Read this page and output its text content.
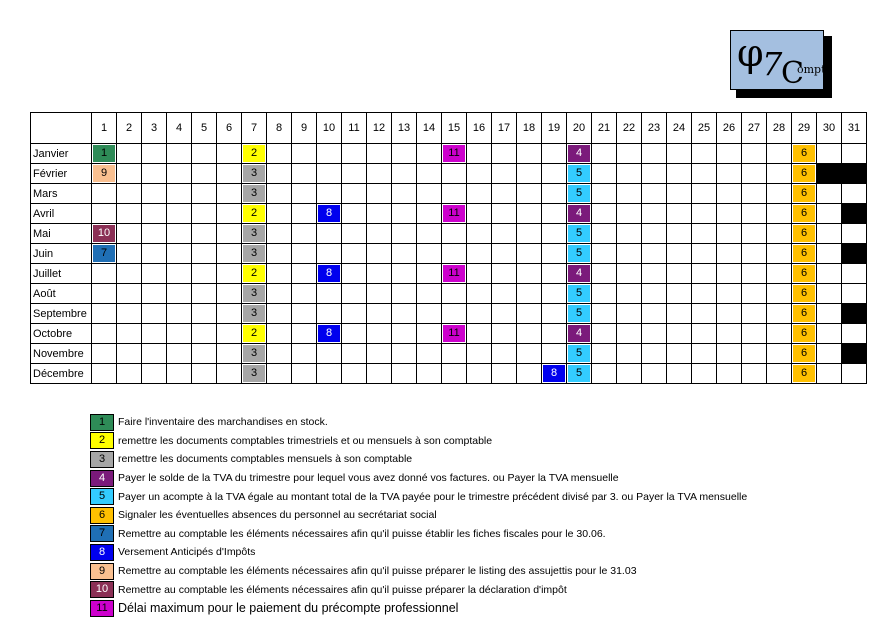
φ
7
C
ompta
	1	2	3	4	5	6	7	8	9	10	11	12	13	14	15	16	17	18	19	20	21	22	23	24	25	26	27	28	29	30	31
Janvier	1						2								11					4									6		

Février	9						3													5									6		

Mars							3													5									6		

Avril							2			8					11					4									6		

Mai	10						3													5									6		

Juin	7						3													5									6		

Juillet							2			8					11					4									6		

Août							3													5									6		

Septembre							3													5									6		

Octobre							2			8					11					4									6		

Novembre							3													5									6		

Décembre							3												8	5									6		

1	Faire l'inventaire des marchandises en stock.
2	remettre les documents comptables trimestriels et ou mensuels à son comptable
3	remettre les documents comptables mensuels à son comptable
4	Payer le solde de la TVA du trimestre pour lequel vous avez donné vos factures. ou Payer la TVA mensuelle
5	Payer un acompte à la TVA égale au montant total de la TVA payée pour le trimestre précédent divisé par 3. ou Payer la TVA mensuelle
6	Signaler les éventuelles absences du personnel au secrétariat social
7	Remettre au comptable les éléments nécessaires afin qu'il puisse établir les fiches fiscales pour le 30.06.
8	Versement Anticipés d'Impôts
9	Remettre au comptable les éléments nécessaires afin qu'il puisse préparer le listing des assujettis pour le 31.03
10 Remettre au comptable les éléments nécessaires afin qu'il puisse préparer la déclaration d'impôt
11 Délai maximum pour le paiement du précompte professionnel
